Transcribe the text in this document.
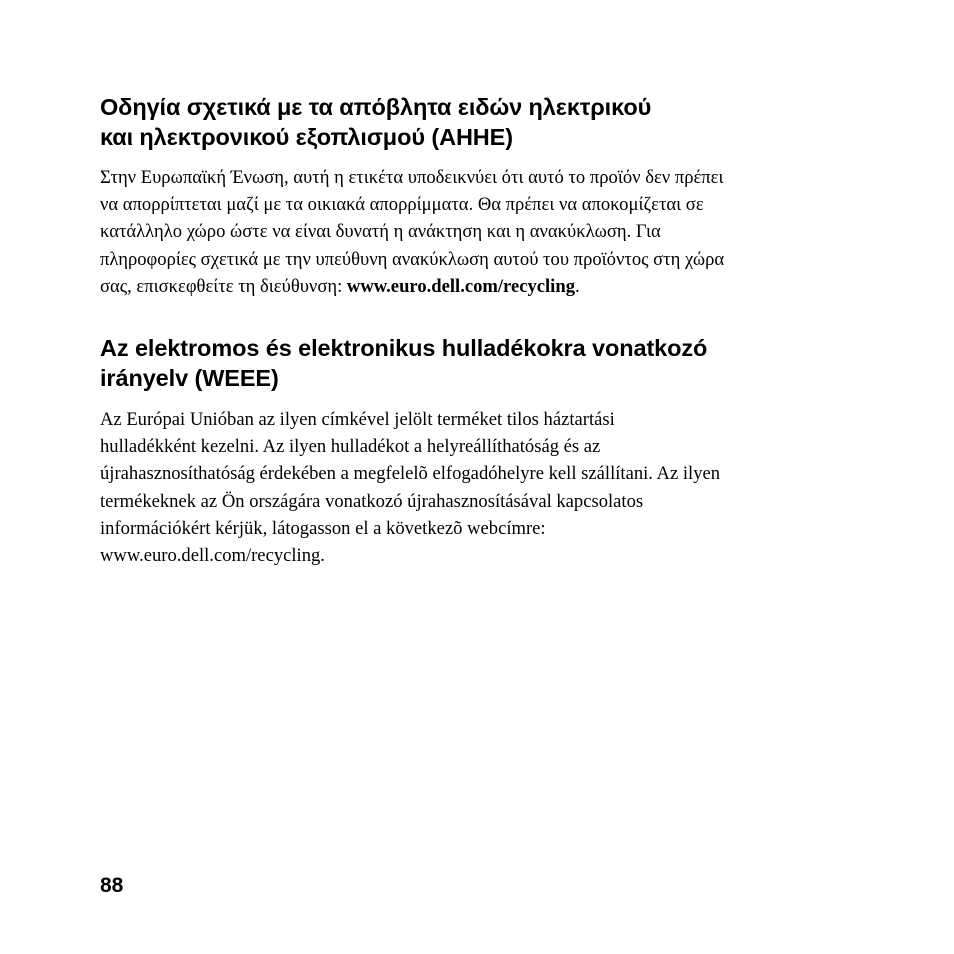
Οδηγία σχετικά με τα απόβλητα ειδών ηλεκτρικού
και ηλεκτρονικού εξοπλισμού (ΑΗΗΕ)

Στην Ευρωπαϊκή Ένωση, αυτή η ετικέτα υποδεικνύει ότι αυτό το προϊόν δεν πρέπει
να απορρίπτεται μαζί με τα οικιακά απορρίμματα. Θα πρέπει να αποκομίζεται σε
κατάλληλο χώρο ώστε να είναι δυνατή η ανάκτηση και η ανακύκλωση. Για
πληροφορίες σχετικά με την υπεύθυνη ανακύκλωση αυτού του προϊόντος στη χώρα
σας, επισκεφθείτε τη διεύθυνση: www.euro.dell.com/recycling.

Az elektromos és elektronikus hulladékokra vonatkozó
irányelv (WEEE)

Az Európai Unióban az ilyen címkével jelölt terméket tilos háztartási
hulladékként kezelni. Az ilyen hulladékot a helyreállíthatóság és az
újrahasznosíthatóság érdekében a megfelelõ elfogadóhelyre kell szállítani. Az ilyen
termékeknek az Ön országára vonatkozó újrahasznosításával kapcsolatos
információkért kérjük, látogasson el a következõ webcímre:
www.euro.dell.com/recycling.

88
